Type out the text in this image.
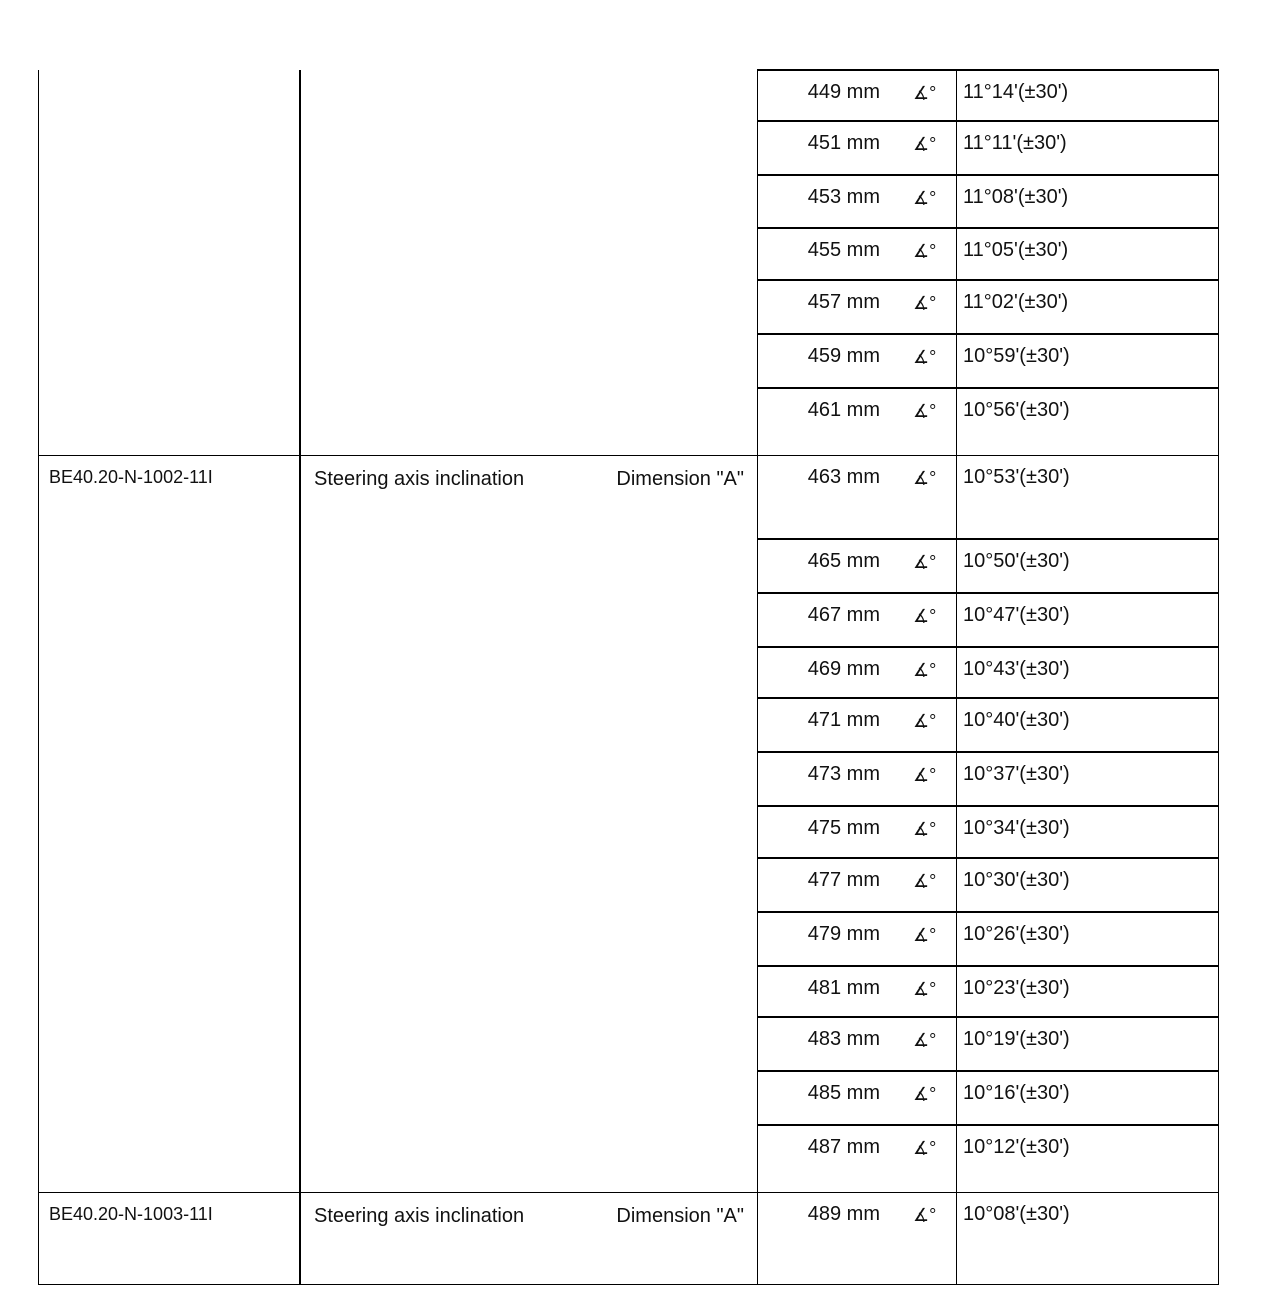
449 mm ∡° 11°14'(±30')
451 mm ∡° 11°11'(±30')
453 mm ∡° 11°08'(±30')
455 mm ∡° 11°05'(±30')
457 mm ∡° 11°02'(±30')
459 mm ∡° 10°59'(±30')
461 mm ∡° 10°56'(±30')
BE40.20-N-1002-11I	Steering axis inclination	Dimension "A"	463 mm ∡° 10°53'(±30')
465 mm ∡° 10°50'(±30')
467 mm ∡° 10°47'(±30')
469 mm ∡° 10°43'(±30')
471 mm ∡° 10°40'(±30')
473 mm ∡° 10°37'(±30')
475 mm ∡° 10°34'(±30')
477 mm ∡° 10°30'(±30')
479 mm ∡° 10°26'(±30')
481 mm ∡° 10°23'(±30')
483 mm ∡° 10°19'(±30')
485 mm ∡° 10°16'(±30')
487 mm ∡° 10°12'(±30')
BE40.20-N-1003-11I	Steering axis inclination	Dimension "A"	489 mm ∡° 10°08'(±30')
